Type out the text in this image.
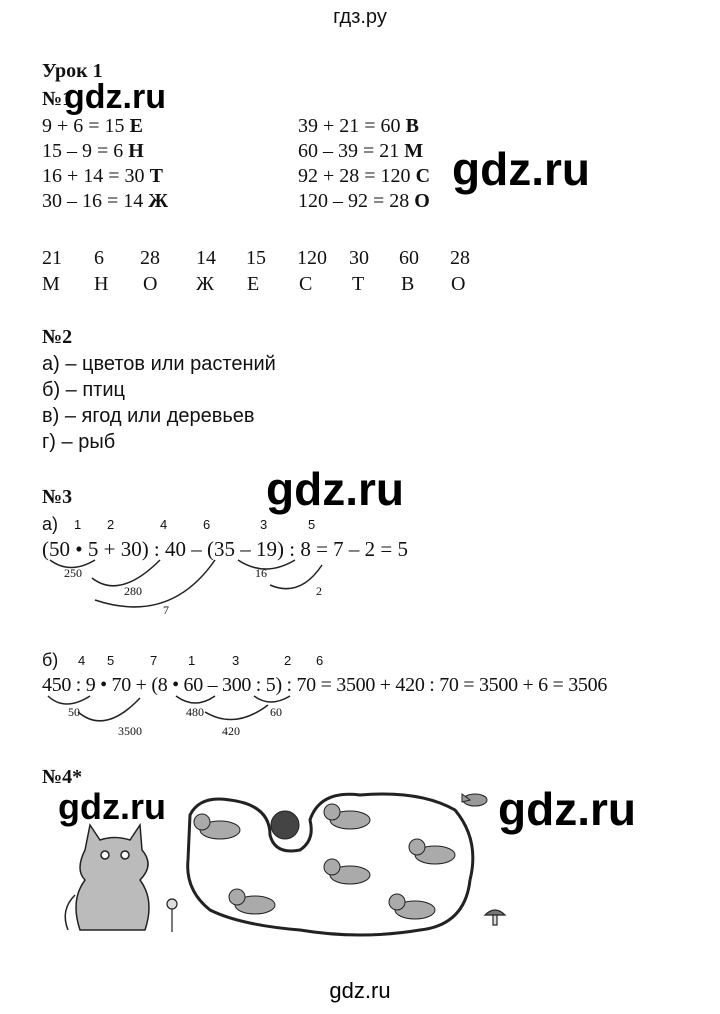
гдз.ру
Урок 1
№1
9 + 6 = 15 Е
15 – 9 = 6 Н
16 + 14 = 30 Т
30 – 16 = 14 Ж
39 + 21 = 60 В
60 – 39 = 21 М
92 + 28 = 120 С
120 – 92 = 28 О
21 6 28 14 15 120 30 60 28
М Н О Ж Е С Т В О
№2
а) – цветов или растений
б) – птиц
в) – ягод или деревьев
г) – рыб
№3
а) 1 2	4	6	3	5
(50 • 5 + 30) : 40 – (35 – 19) : 8 = 7 – 2 = 5
250
280
7
16
2
б) 4 5	7 1	3	2 6
450 : 9 • 70 + (8 • 60 – 300 : 5) : 70 = 3500 + 420 : 70 = 3500 + 6 = 3506
50
3500
480
420
60
№4*
gdz.ru
gdz.ru
gdz.ru
gdz.ru	gdz.ru
gdz.ru
